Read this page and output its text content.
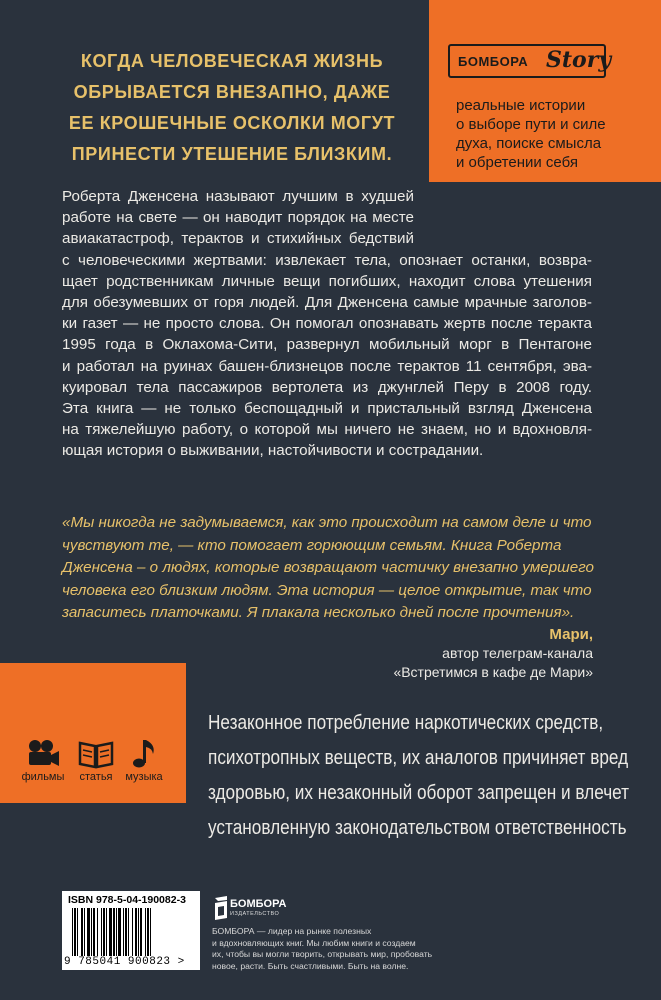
БОМБОРА Story
реальные истории
о выборе пути и силе
духа, поиске смысла
и обретении себя
КОГДА ЧЕЛОВЕЧЕСКАЯ ЖИЗНЬ
ОБРЫВАЕТСЯ ВНЕЗАПНО, ДАЖЕ
ЕЕ КРОШЕЧНЫЕ ОСКОЛКИ МОГУТ
ПРИНЕСТИ УТЕШЕНИЕ БЛИЗКИМ.
Роберта Дженсена называют лучшим в худшей
работе на свете — он наводит порядок на месте
авиакатастроф, терактов и стихийных бедствий
с человеческими жертвами: извлекает тела, опознает останки, возвра-
щает родственникам личные вещи погибших, находит слова утешения
для обезумевших от горя людей. Для Дженсена самые мрачные заголов-
ки газет — не просто слова. Он помогал опознавать жертв после теракта
1995 года в Оклахома-Сити, развернул мобильный морг в Пентагоне
и работал на руинах башен-близнецов после терактов 11 сентября, эва-
куировал тела пассажиров вертолета из джунглей Перу в 2008 году.
Эта книга — не только беспощадный и пристальный взгляд Дженсена
на тяжелейшую работу, о которой мы ничего не знаем, но и вдохновля-
ющая история о выживании, настойчивости и сострадании.
«Мы никогда не задумываемся, как это происходит на самом деле и что
чувствуют те, — кто помогает горюющим семьям. Книга Роберта
Дженсена – о людях, которые возвращают частичку внезапно умершего
человека его близким людям. Эта история — целое открытие, так что
запаситесь платочками. Я плакала несколько дней после прочтения».
Мари,
автор телеграм-канала
«Встретимся в кафе де Мари»
фильмы	статья	музыка
Незаконное потребление наркотических средств,
психотропных веществ, их аналогов причиняет вред
здоровью, их незаконный оборот запрещен и влечет
установленную законодательством ответственность
ISBN 978-5-04-190082-3
9 785041 900823 >
БОМБОРА
ИЗДАТЕЛЬСТВО
БОМБОРА — лидер на рынке полезных
и вдохновляющих книг. Мы любим книги и создаем
их, чтобы вы могли творить, открывать мир, пробовать
новое, расти. Быть счастливыми. Быть на волне.
